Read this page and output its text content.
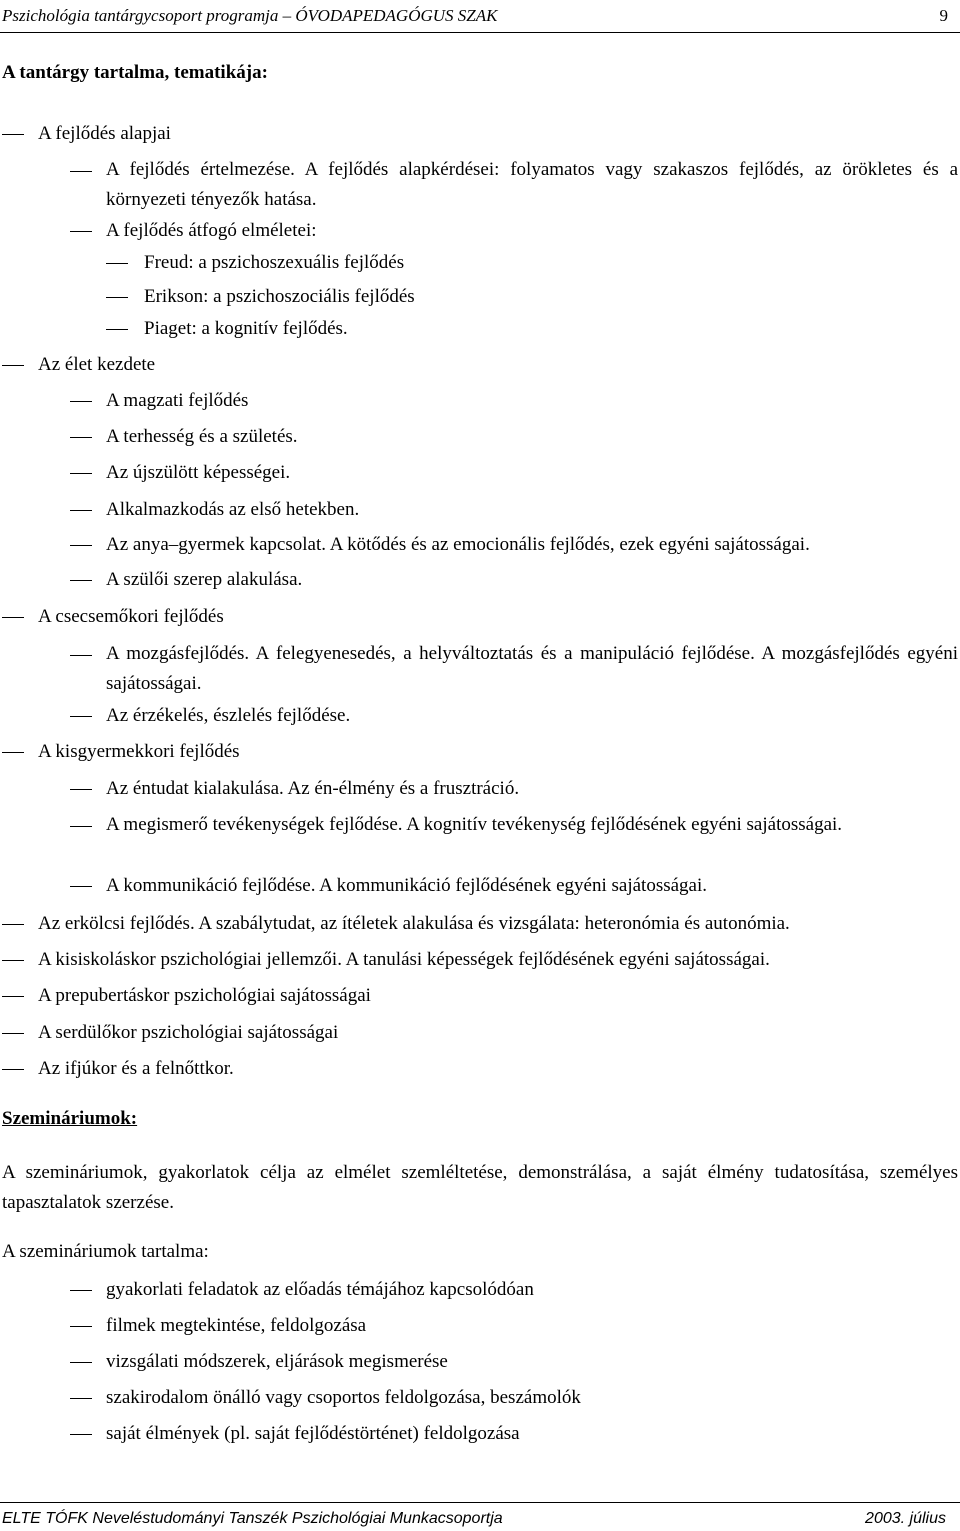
Pszichológia tantárgycsoport programja – ÓVODAPEDAGÓGUS SZAK	9
A tantárgy tartalma, tematikája:
A fejlődés alapjai
A fejlődés értelmezése. A fejlődés alapkérdései: folyamatos vagy szakaszos fejlődés, az örökletes és a környezeti tényezők hatása.
A fejlődés átfogó elméletei:
Freud: a pszichoszexuális fejlődés
Erikson: a pszichoszociális fejlődés
Piaget: a kognitív fejlődés.
Az élet kezdete
A magzati fejlődés
A terhesség és a születés.
Az újszülött képességei.
Alkalmazkodás az első hetekben.
Az anya–gyermek kapcsolat. A kötődés és az emocionális fejlődés, ezek egyéni sajátosságai.
A szülői szerep alakulása.
A csecsemőkori fejlődés
A mozgásfejlődés. A felegyenesedés, a helyváltoztatás és a manipuláció fejlődése. A mozgásfejlődés egyéni sajátosságai.
Az érzékelés, észlelés fejlődése.
A kisgyermekkori fejlődés
Az éntudat kialakulása. Az én-élmény és a frusztráció.
A megismerő tevékenységek fejlődése. A kognitív tevékenység fejlődésének egyéni sajátosságai.
A kommunikáció fejlődése. A kommunikáció fejlődésének egyéni sajátosságai.
Az erkölcsi fejlődés. A szabálytudat, az ítéletek alakulása és vizsgálata: heteronómia és autonómia.
A kisiskoláskor pszichológiai jellemzői. A tanulási képességek fejlődésének egyéni sajátosságai.
A prepubertáskor pszichológiai sajátosságai
A serdülőkor pszichológiai sajátosságai
Az ifjúkor és a felnőttkor.
Szemináriumok:
A szemináriumok, gyakorlatok célja az elmélet szemléltetése, demonstrálása, a saját élmény tudatosítása, személyes tapasztalatok szerzése.
A szemináriumok tartalma:
gyakorlati feladatok az előadás témájához kapcsolódóan
filmek megtekintése, feldolgozása
vizsgálati módszerek, eljárások megismerése
szakirodalom önálló vagy csoportos feldolgozása, beszámolók
saját élmények (pl. saját fejlődéstörténet) feldolgozása
ELTE TÓFK Neveléstudományi Tanszék Pszichológiai Munkacsoportja	2003. július
